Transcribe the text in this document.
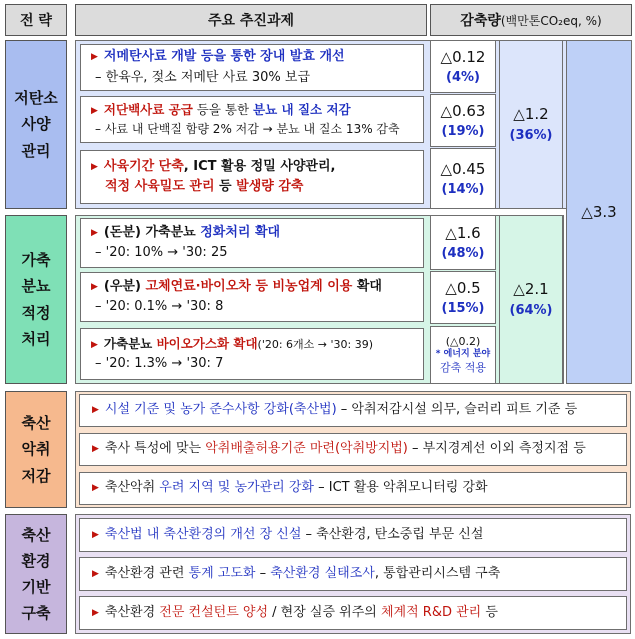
전 략	주요 추진과제	감축량 (백만톤CO₂eq, %)
저탄소
사양
관리
▶ 저메탄사료 개발 등을 통한 장내 발효 개선
– 한육우, 젖소 저메탄 사료 30% 보급
△0.12
(4%)
▶ 저단백사료 공급 등을 통한 분뇨 내 질소 저감
– 사료 내 단백질 함량 2% 저감 → 분뇨 내 질소 13% 감축
△0.63
(19%)
▶ 사육기간 단축, ICT 활용 정밀 사양관리,
적정 사육밀도 관리 등 발생량 감축
△0.45
(14%)
△1.2
(36%)
가축
분뇨
적정
처리
▶ (돈분) 가축분뇨 정화처리 확대
– '20: 10% → '30: 25
△1.6
(48%)
▶ (우분) 고체연료·바이오차 등 비농업계 이용 확대
– '20: 0.1% → '30: 8
△0.5
(15%)
▶ 가축분뇨 바이오가스화 확대('20: 6개소 → '30: 39)
– '20: 1.3% → '30: 7
(△0.2)
* 에너지 분야
감축 적용
△2.1
(64%)
△3.3
축산
악취
저감
▶ 시설 기준 및 농가 준수사항 강화(축산법) – 악취저감시설 의무, 슬러리 피트 기준 등
▶ 축사 특성에 맞는 악취배출허용기준 마련(악취방지법) – 부지경계선 이외 측정지점 등
▶ 축산악취 우려 지역 및 농가관리 강화 – ICT 활용 악취모니터링 강화
축산
환경
기반
구축
▶ 축산법 내 축산환경의 개선 장 신설 – 축산환경, 탄소중립 부문 신설
▶ 축산환경 관련 통계 고도화 – 축산환경 실태조사, 통합관리시스템 구축
▶ 축산환경 전문 컨설턴트 양성 / 현장 실증 위주의 체계적 R&D 관리 등
